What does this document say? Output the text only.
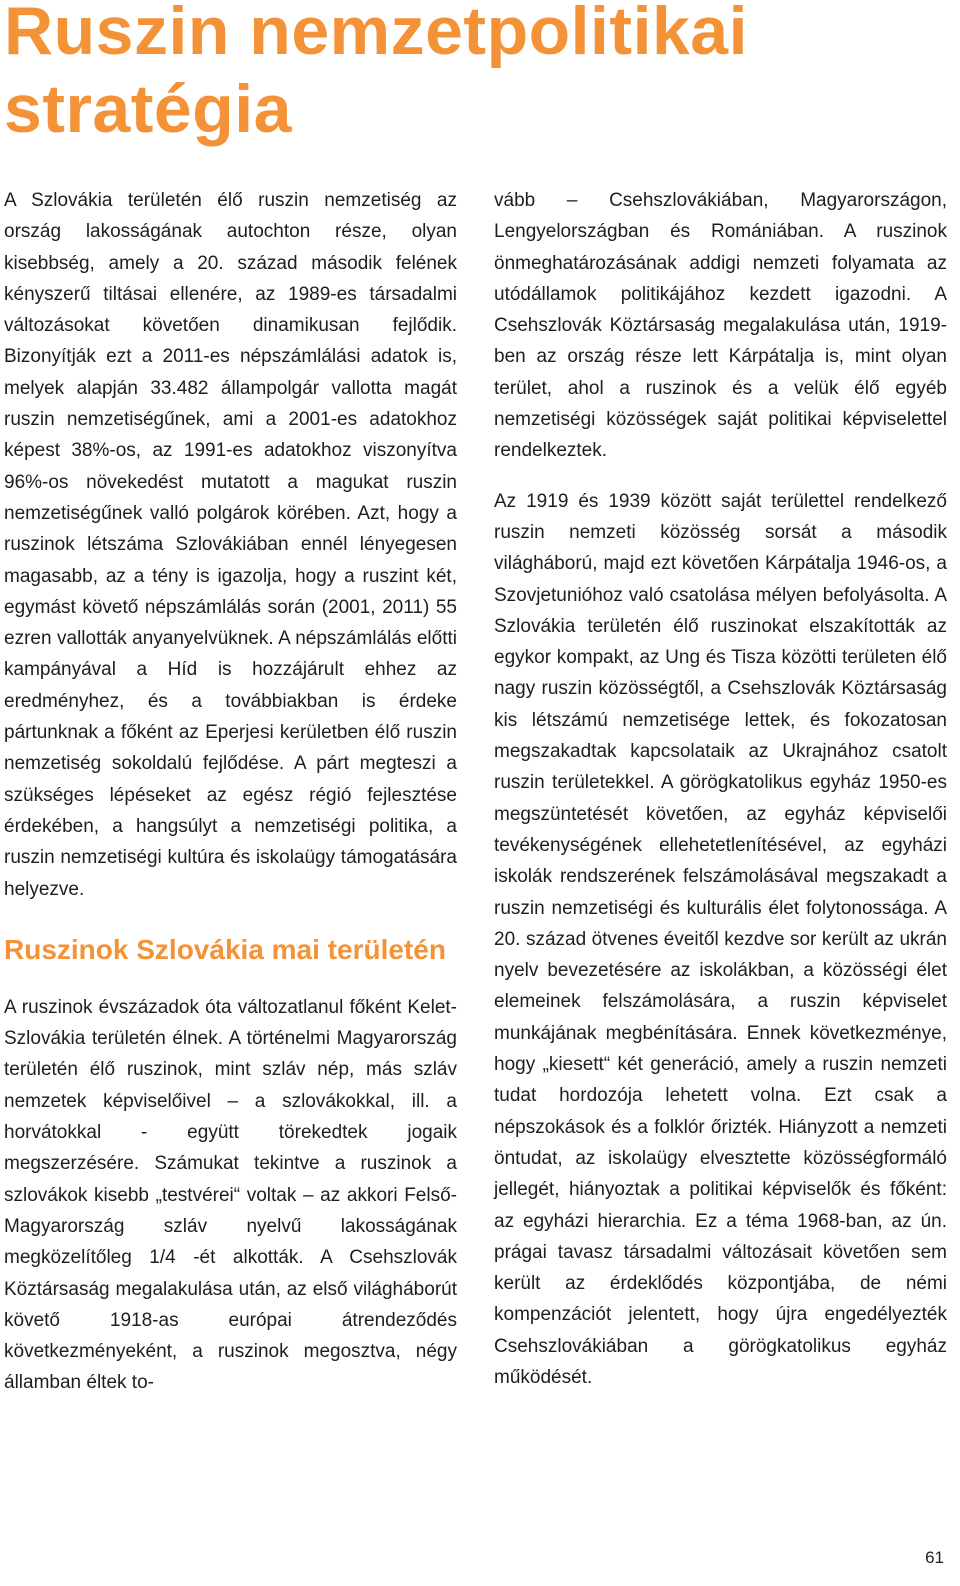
Ruszin nemzetpolitikai stratégia

A Szlovákia területén élő ruszin nemzetiség az ország lakosságának autochton része, olyan kisebbség, amely a 20. század második felének kényszerű tiltásai ellenére, az 1989-es társadalmi változásokat követően dinamikusan fejlődik. Bizonyítják ezt a 2011-es népszámlálási adatok is, melyek alapján 33.482 állampolgár vallotta magát ruszin nemzetiségűnek, ami a 2001-es adatokhoz képest 38%-os, az 1991-es adatokhoz viszonyítva 96%-os növekedést mutatott a magukat ruszin nemzetiségűnek valló polgárok körében. Azt, hogy a ruszinok létszáma Szlovákiában ennél lényegesen magasabb, az a tény is igazolja, hogy a ruszint két, egymást követő népszámlálás során (2001, 2011) 55 ezren vallották anyanyelvüknek. A népszámlálás előtti kampányával a Híd is hozzájárult ehhez az eredményhez, és a továbbiakban is érdeke pártunknak a főként az Eperjesi kerületben élő ruszin nemzetiség sokoldalú fejlődése. A párt megteszi a szükséges lépéseket az egész régió fejlesztése érdekében, a hangsúlyt a nemzetiségi politika, a ruszin nemzetiségi kultúra és iskolaügy támogatására helyezve.

Ruszinok Szlovákia mai területén

A ruszinok évszázadok óta változatlanul főként Kelet-Szlovákia területén élnek. A történelmi Magyarország területén élő ruszinok, mint szláv nép, más szláv nemzetek képviselőivel – a szlovákokkal, ill. a horvátokkal - együtt törekedtek jogaik megszerzésére. Számukat tekintve a ruszinok a szlovákok kisebb „testvérei“ voltak – az akkori Felső-Magyarország szláv nyelvű lakosságának megközelítőleg 1/4 -ét alkották. A Csehszlovák Köztársaság megalakulása után, az első világháborút követő 1918-as európai átrendeződés következményeként, a ruszinok megosztva, négy államban éltek to-

vább – Csehszlovákiában, Magyarországon, Lengyelországban és Romániában. A ruszinok önmeghatározásának addigi nemzeti folyamata az utódállamok politikájához kezdett igazodni. A Csehszlovák Köztársaság megalakulása után, 1919-ben az ország része lett Kárpátalja is, mint olyan terület, ahol a ruszinok és a velük élő egyéb nemzetiségi közösségek saját politikai képviselettel rendelkeztek.

Az 1919 és 1939 között saját területtel rendelkező ruszin nemzeti közösség sorsát a második világháború, majd ezt követően Kárpátalja 1946-os, a Szovjetunióhoz való csatolása mélyen befolyásolta. A Szlovákia területén élő ruszinokat elszakították az egykor kompakt, az Ung és Tisza közötti területen élő nagy ruszin közösségtől, a Csehszlovák Köztársaság kis létszámú nemzetisége lettek, és fokozatosan megszakadtak kapcsolataik az Ukrajnához csatolt ruszin területekkel. A görögkatolikus egyház 1950-es megszüntetését követően, az egyház képviselői tevékenységének ellehetetlenítésével, az egyházi iskolák rendszerének felszámolásával megszakadt a ruszin nemzetiségi és kulturális élet folytonossága. A 20. század ötvenes éveitől kezdve sor került az ukrán nyelv bevezetésére az iskolákban, a közösségi élet elemeinek felszámolására, a ruszin képviselet munkájának megbénítására. Ennek következménye, hogy „kiesett“ két generáció, amely a ruszin nemzeti tudat hordozója lehetett volna. Ezt csak a népszokások és a folklór őrizték. Hiányzott a nemzeti öntudat, az iskolaügy elvesztette közösségformáló jellegét, hiányoztak a politikai képviselők és főként: az egyházi hierarchia. Ez a téma 1968-ban, az ún. prágai tavasz társadalmi változásait követően sem került az érdeklődés központjába, de némi kompenzációt jelentett, hogy újra engedélyezték Csehszlovákiában a görögkatolikus egyház működését.

61
